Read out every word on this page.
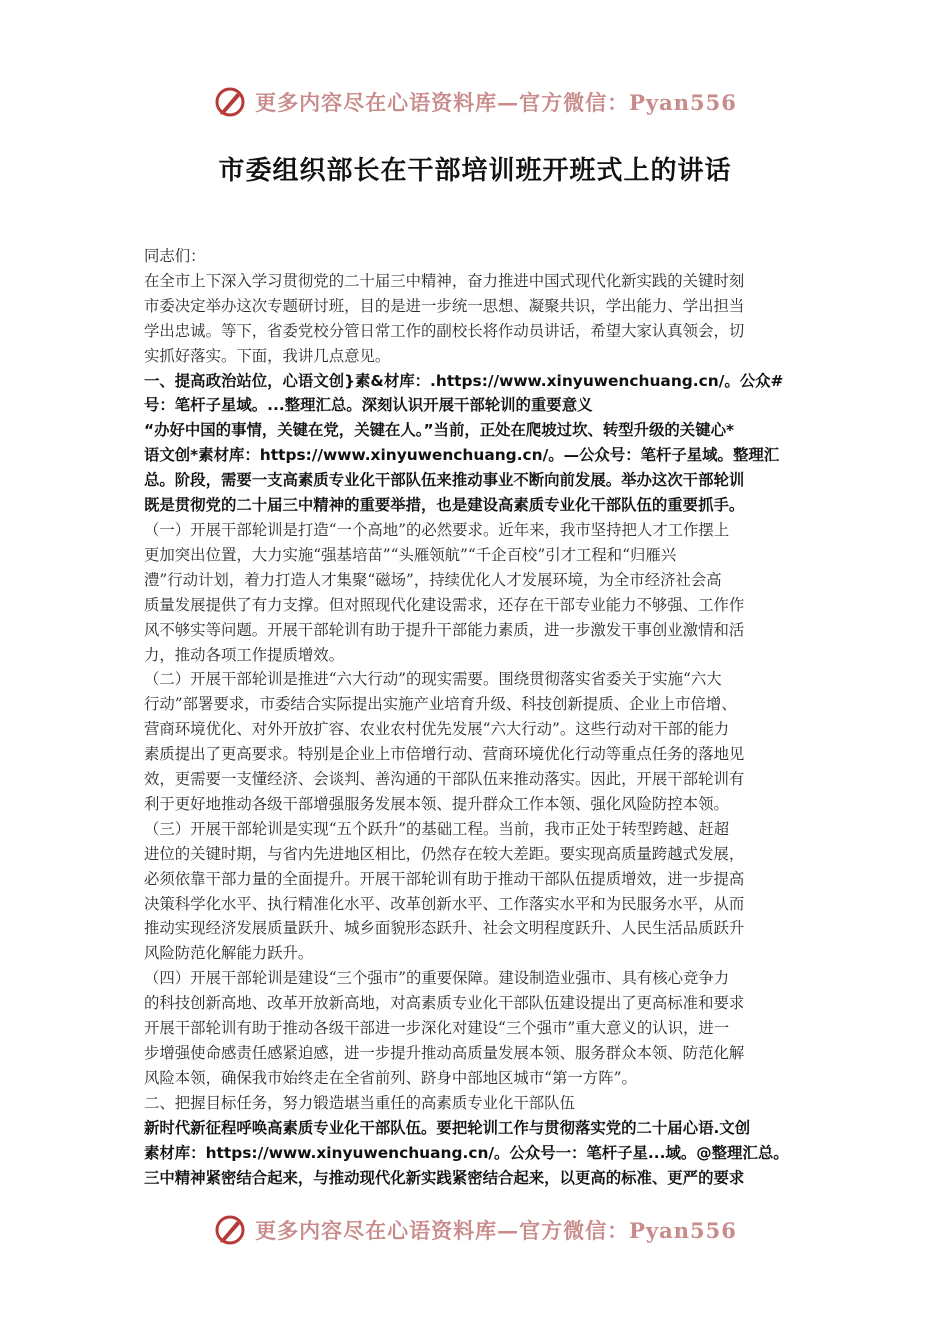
更多内容尽在心语资料库—官方微信：Pyan556
市委组织部长在干部培训班开班式上的讲话

同志们：

在全市上下深入学习贯彻党的二十届三中精神，奋力推进中国式现代化新实践的关键时刻

市委决定举办这次专题研讨班，目的是进一步统一思想、凝聚共识，学出能力、学出担当

学出忠诚。等下，省委党校分管日常工作的副校长将作动员讲话，希望大家认真领会，切

实抓好落实。下面，我讲几点意见。

一、提高政治站位，心语文创}素&材库：.https://www.xinyuwenchuang.cn/。公众#

号：笔杆子星域。...整理汇总。深刻认识开展干部轮训的重要意义

“办好中国的事情，关键在党，关键在人。”当前，正处在爬坡过坎、转型升级的关键心*

语文创*素材库：https://www.xinyuwenchuang.cn/。—公众号：笔杆子星域。整理汇

总。阶段，需要一支高素质专业化干部队伍来推动事业不断向前发展。举办这次干部轮训

既是贯彻党的二十届三中精神的重要举措，也是建设高素质专业化干部队伍的重要抓手。

（一）开展干部轮训是打造“一个高地”的必然要求。近年来，我市坚持把人才工作摆上

更加突出位置，大力实施“强基培苗”“头雁领航”“千企百校”引才工程和“归雁兴

澧”行动计划，着力打造人才集聚“磁场”，持续优化人才发展环境，为全市经济社会高

质量发展提供了有力支撑。但对照现代化建设需求，还存在干部专业能力不够强、工作作

风不够实等问题。开展干部轮训有助于提升干部能力素质，进一步激发干事创业激情和活

力，推动各项工作提质增效。

（二）开展干部轮训是推进“六大行动”的现实需要。围绕贯彻落实省委关于实施“六大

行动”部署要求，市委结合实际提出实施产业培育升级、科技创新提质、企业上市倍增、

营商环境优化、对外开放扩容、农业农村优先发展“六大行动”。这些行动对干部的能力

素质提出了更高要求。特别是企业上市倍增行动、营商环境优化行动等重点任务的落地见

效，更需要一支懂经济、会谈判、善沟通的干部队伍来推动落实。因此，开展干部轮训有

利于更好地推动各级干部增强服务发展本领、提升群众工作本领、强化风险防控本领。

（三）开展干部轮训是实现“五个跃升”的基础工程。当前，我市正处于转型跨越、赶超

进位的关键时期，与省内先进地区相比，仍然存在较大差距。要实现高质量跨越式发展，

必须依靠干部力量的全面提升。开展干部轮训有助于推动干部队伍提质增效，进一步提高

决策科学化水平、执行精准化水平、改革创新水平、工作落实水平和为民服务水平，从而

推动实现经济发展质量跃升、城乡面貌形态跃升、社会文明程度跃升、人民生活品质跃升

风险防范化解能力跃升。

（四）开展干部轮训是建设“三个强市”的重要保障。建设制造业强市、具有核心竞争力

的科技创新高地、改革开放新高地，对高素质专业化干部队伍建设提出了更高标准和要求

开展干部轮训有助于推动各级干部进一步深化对建设“三个强市”重大意义的认识，进一

步增强使命感责任感紧迫感，进一步提升推动高质量发展本领、服务群众本领、防范化解

风险本领，确保我市始终走在全省前列、跻身中部地区城市“第一方阵”。

二、把握目标任务，努力锻造堪当重任的高素质专业化干部队伍

新时代新征程呼唤高素质专业化干部队伍。要把轮训工作与贯彻落实党的二十届心语.文创

素材库：https://www.xinyuwenchuang.cn/。公众号一：笔杆子星...域。@整理汇总。

三中精神紧密结合起来，与推动现代化新实践紧密结合起来，以更高的标准、更严的要求

更多内容尽在心语资料库—官方微信：Pyan556
